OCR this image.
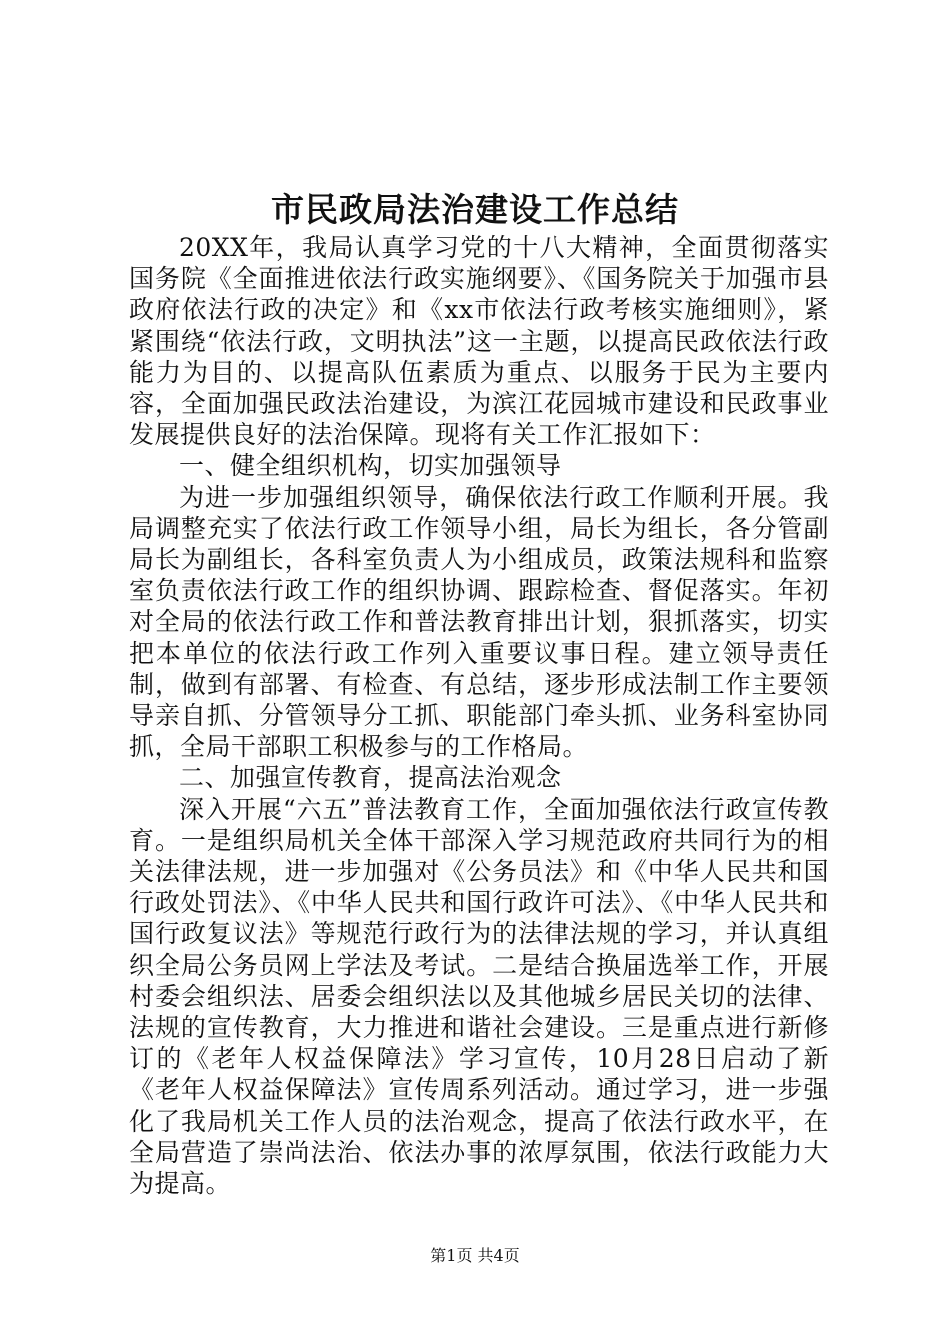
市民政局法治建设工作总结

20XX年，我局认真学习党的十八大精神，全面贯彻落实国务院《全面推进依法行政实施纲要》、《国务院关于加强市县政府依法行政的决定》和《xx市依法行政考核实施细则》，紧紧围绕“依法行政，文明执法”这一主题，以提高民政依法行政能力为目的、以提高队伍素质为重点、以服务于民为主要内容，全面加强民政法治建设，为滨江花园城市建设和民政事业发展提供良好的法治保障。现将有关工作汇报如下：

一、健全组织机构，切实加强领导

为进一步加强组织领导，确保依法行政工作顺利开展。我局调整充实了依法行政工作领导小组，局长为组长，各分管副局长为副组长，各科室负责人为小组成员，政策法规科和监察室负责依法行政工作的组织协调、跟踪检查、督促落实。年初对全局的依法行政工作和普法教育排出计划，狠抓落实，切实把本单位的依法行政工作列入重要议事日程。建立领导责任制，做到有部署、有检查、有总结，逐步形成法制工作主要领导亲自抓、分管领导分工抓、职能部门牵头抓、业务科室协同抓，全局干部职工积极参与的工作格局。

二、加强宣传教育，提高法治观念

深入开展“六五”普法教育工作，全面加强依法行政宣传教育。一是组织局机关全体干部深入学习规范政府共同行为的相关法律法规，进一步加强对《公务员法》和《中华人民共和国行政处罚法》、《中华人民共和国行政许可法》、《中华人民共和国行政复议法》等规范行政行为的法律法规的学习，并认真组织全局公务员网上学法及考试。二是结合换届选举工作，开展村委会组织法、居委会组织法以及其他城乡居民关切的法律、法规的宣传教育，大力推进和谐社会建设。三是重点进行新修订的《老年人权益保障法》学习宣传，10月28日启动了新《老年人权益保障法》宣传周系列活动。通过学习，进一步强化了我局机关工作人员的法治观念，提高了依法行政水平，在全局营造了崇尚法治、依法办事的浓厚氛围，依法行政能力大为提高。

第1页 共4页
